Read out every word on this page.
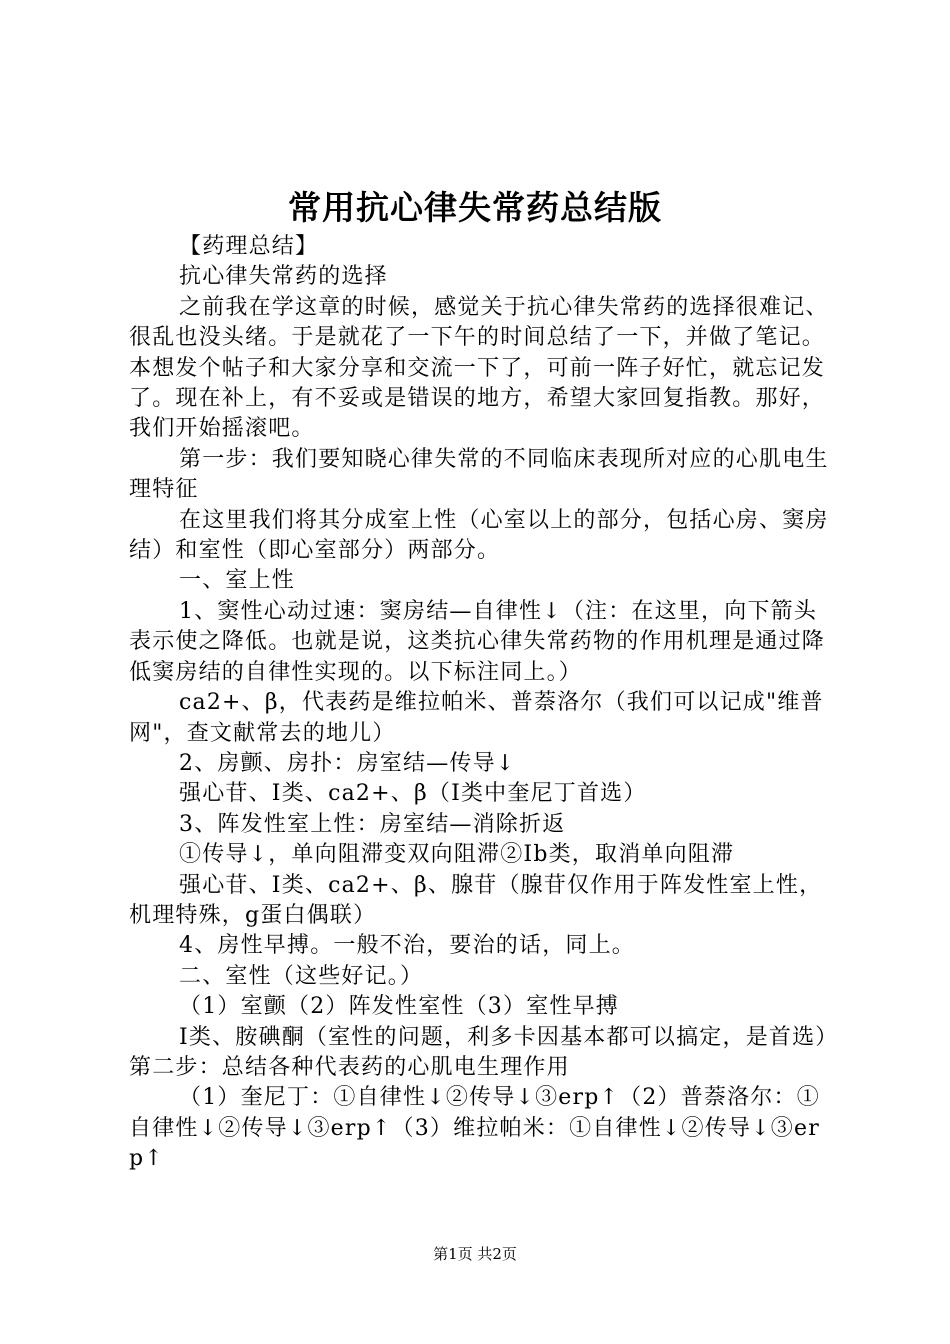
常用抗心律失常药总结版

【药理总结】

抗心律失常药的选择

之前我在学这章的时候，感觉关于抗心律失常药的选择很难记、很乱也没头绪。于是就花了一下午的时间总结了一下，并做了笔记。本想发个帖子和大家分享和交流一下了，可前一阵子好忙，就忘记发了。现在补上，有不妥或是错误的地方，希望大家回复指教。那好，我们开始摇滚吧。

第一步：我们要知晓心律失常的不同临床表现所对应的心肌电生理特征

在这里我们将其分成室上性（心室以上的部分，包括心房、窦房结）和室性（即心室部分）两部分。

一、室上性

1、窦性心动过速：窦房结—自律性↓（注：在这里，向下箭头表示使之降低。也就是说，这类抗心律失常药物的作用机理是通过降低窦房结的自律性实现的。以下标注同上。）

ca2+、β，代表药是维拉帕米、普萘洛尔（我们可以记成"维普网"，查文献常去的地儿）

2、房颤、房扑：房室结—传导↓

强心苷、Ⅰ类、ca2+、β（Ⅰ类中奎尼丁首选）

3、阵发性室上性：房室结—消除折返

①传导↓，单向阻滞变双向阻滞②Ⅰb类，取消单向阻滞

强心苷、Ⅰ类、ca2+、β、腺苷（腺苷仅作用于阵发性室上性，机理特殊，g蛋白偶联）

4、房性早搏。一般不治，要治的话，同上。

二、室性（这些好记。）

（1）室颤（2）阵发性室性（3）室性早搏

Ⅰ类、胺碘酮（室性的问题，利多卡因基本都可以搞定，是首选）第二步：总结各种代表药的心肌电生理作用

（1）奎尼丁：①自律性↓②传导↓③erp↑（2）普萘洛尔：①自律性↓②传导↓③erp↑（3）维拉帕米：①自律性↓②传导↓③erp↑

第1页 共2页
